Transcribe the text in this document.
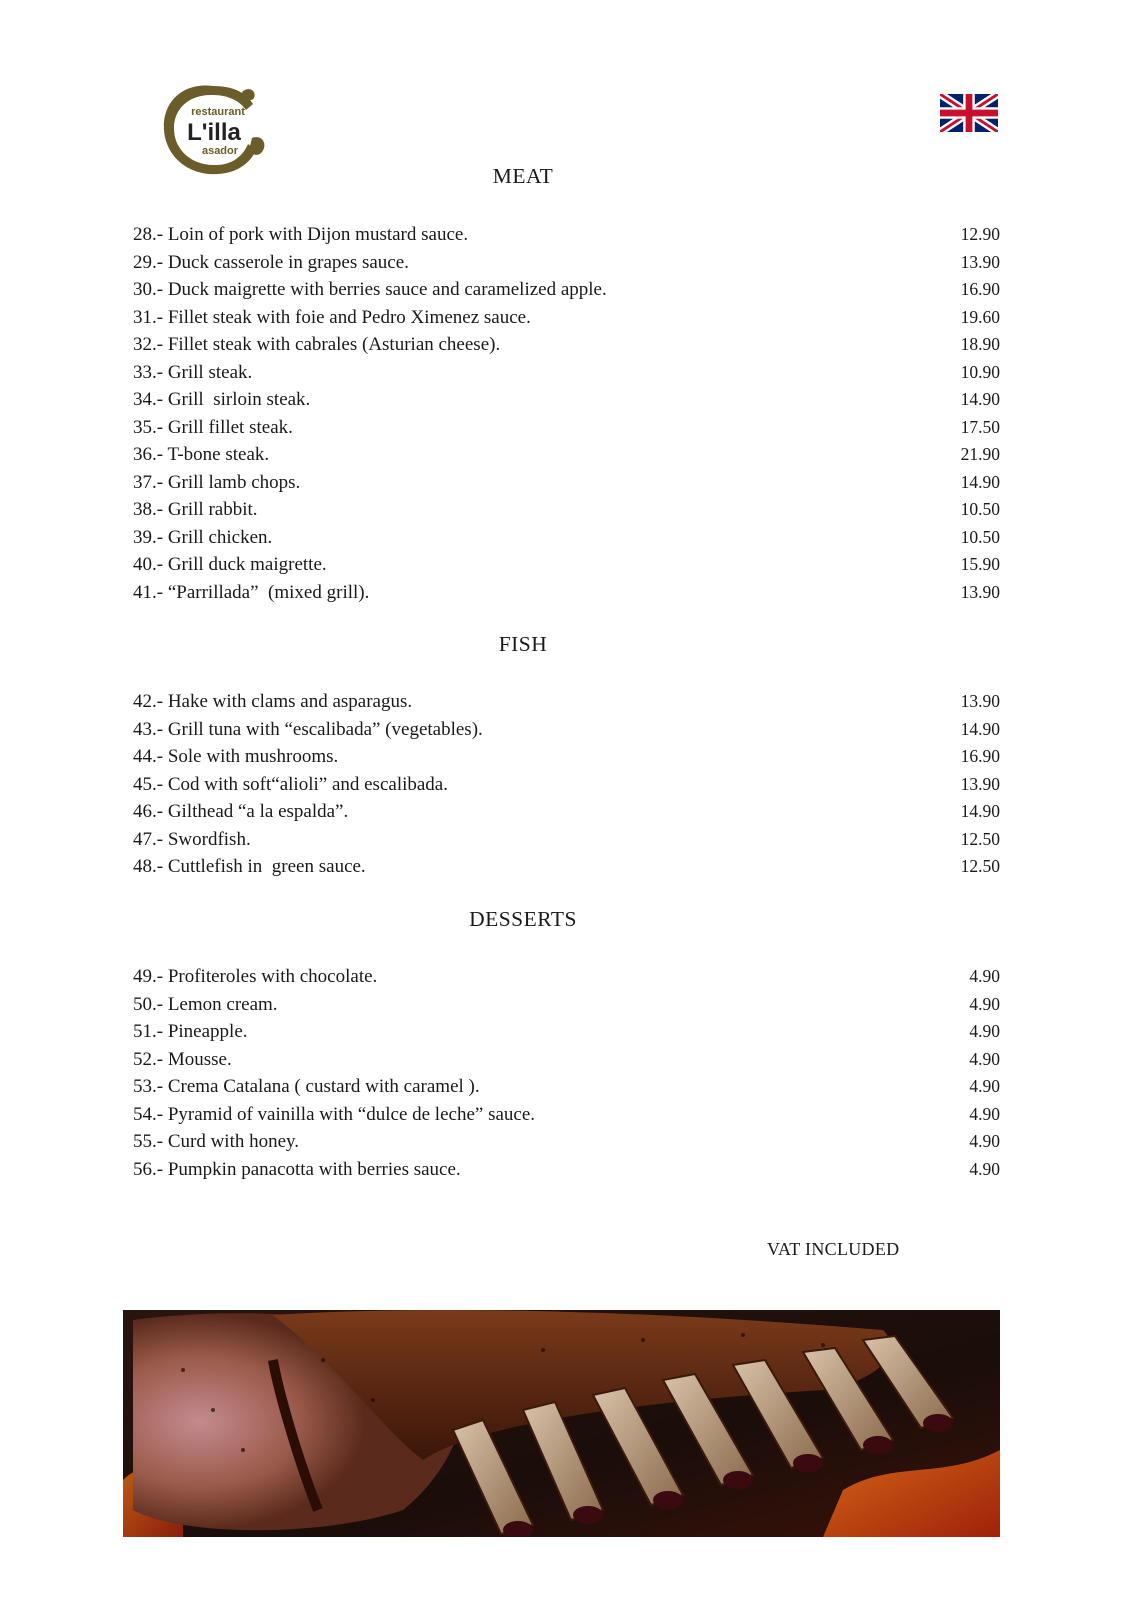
restaurant
L'illa
asador
MEAT
28.- Loin of pork with Dijon mustard sauce.	12.90
29.- Duck casserole in grapes sauce.	13.90
30.- Duck maigrette with berries sauce and caramelized apple.	16.90
31.- Fillet steak with foie and Pedro Ximenez sauce.	19.60
32.- Fillet steak with cabrales (Asturian cheese).	18.90
33.- Grill steak.	10.90
34.- Grill  sirloin steak.	14.90
35.- Grill fillet steak.	17.50
36.- T-bone steak.	21.90
37.- Grill lamb chops.	14.90
38.- Grill rabbit.	10.50
39.- Grill chicken.	10.50
40.- Grill duck maigrette.	15.90
41.- “Parrillada”  (mixed grill).	13.90
FISH
42.- Hake with clams and asparagus.	13.90
43.- Grill tuna with “escalibada” (vegetables).	14.90
44.- Sole with mushrooms.	16.90
45.- Cod with soft“alioli” and escalibada.	13.90
46.- Gilthead “a la espalda”.	14.90
47.- Swordfish.	12.50
48.- Cuttlefish in  green sauce.	12.50
DESSERTS
49.- Profiteroles with chocolate.	4.90
50.- Lemon cream.	4.90
51.- Pineapple.	4.90
52.- Mousse.	4.90
53.- Crema Catalana ( custard with caramel ).	4.90
54.- Pyramid of vainilla with “dulce de leche” sauce.	4.90
55.- Curd with honey.	4.90
56.- Pumpkin panacotta with berries sauce.	4.90
VAT INCLUDED
